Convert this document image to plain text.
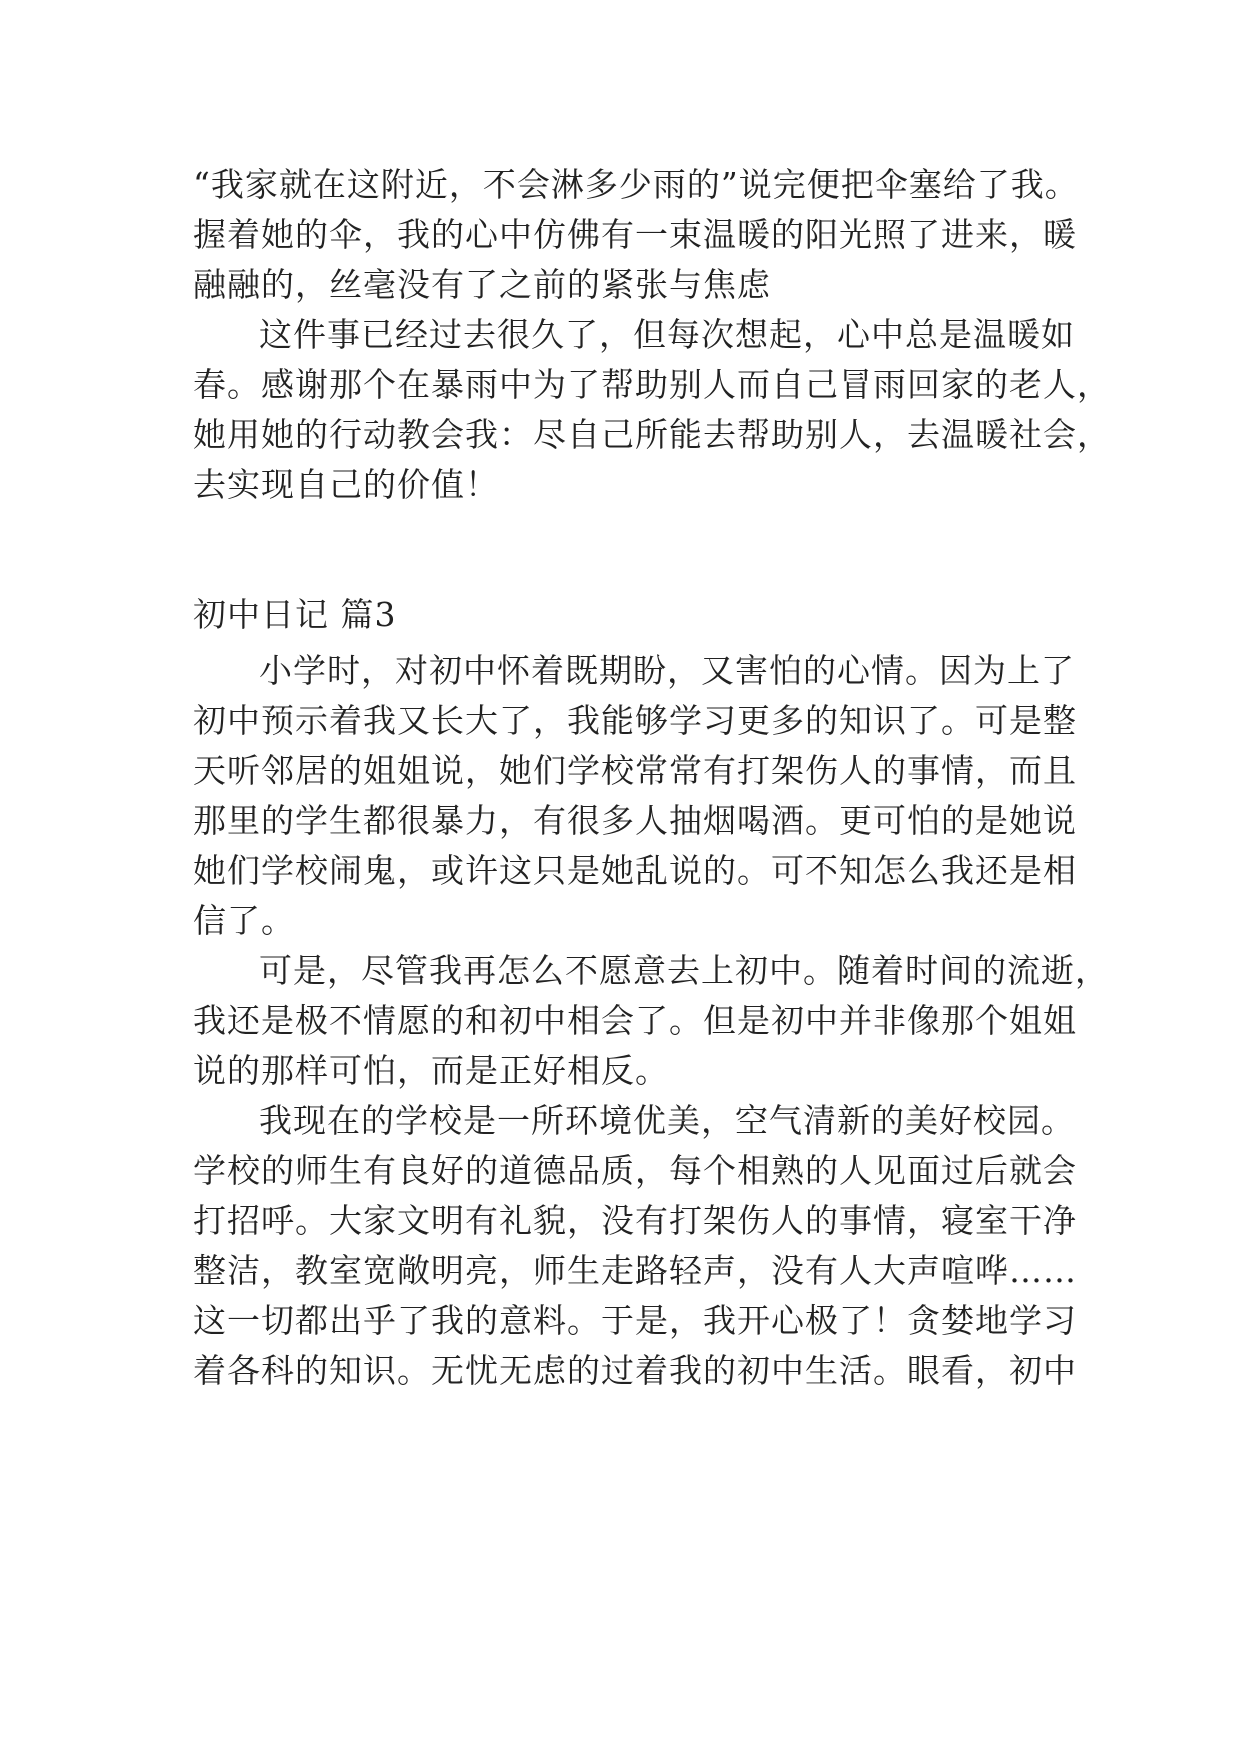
“我家就在这附近，不会淋多少雨的”说完便把伞塞给了我。
握着她的伞，我的心中仿佛有一束温暖的阳光照了进来，暖
融融的，丝毫没有了之前的紧张与焦虑
这件事已经过去很久了，但每次想起，心中总是温暖如
春。感谢那个在暴雨中为了帮助别人而自己冒雨回家的老人，
她用她的行动教会我：尽自己所能去帮助别人，去温暖社会，
去实现自己的价值！
初中日记 篇3
小学时，对初中怀着既期盼，又害怕的心情。因为上了
初中预示着我又长大了，我能够学习更多的知识了。可是整
天听邻居的姐姐说，她们学校常常有打架伤人的事情，而且
那里的学生都很暴力，有很多人抽烟喝酒。更可怕的是她说
她们学校闹鬼，或许这只是她乱说的。可不知怎么我还是相
信了。
可是，尽管我再怎么不愿意去上初中。随着时间的流逝，
我还是极不情愿的和初中相会了。但是初中并非像那个姐姐
说的那样可怕，而是正好相反。
我现在的学校是一所环境优美，空气清新的美好校园。
学校的师生有良好的道德品质，每个相熟的人见面过后就会
打招呼。大家文明有礼貌，没有打架伤人的事情，寝室干净
整洁，教室宽敞明亮，师生走路轻声，没有人大声喧哗……
这一切都出乎了我的意料。于是，我开心极了！贪婪地学习
着各科的知识。无忧无虑的过着我的初中生活。眼看，初中
